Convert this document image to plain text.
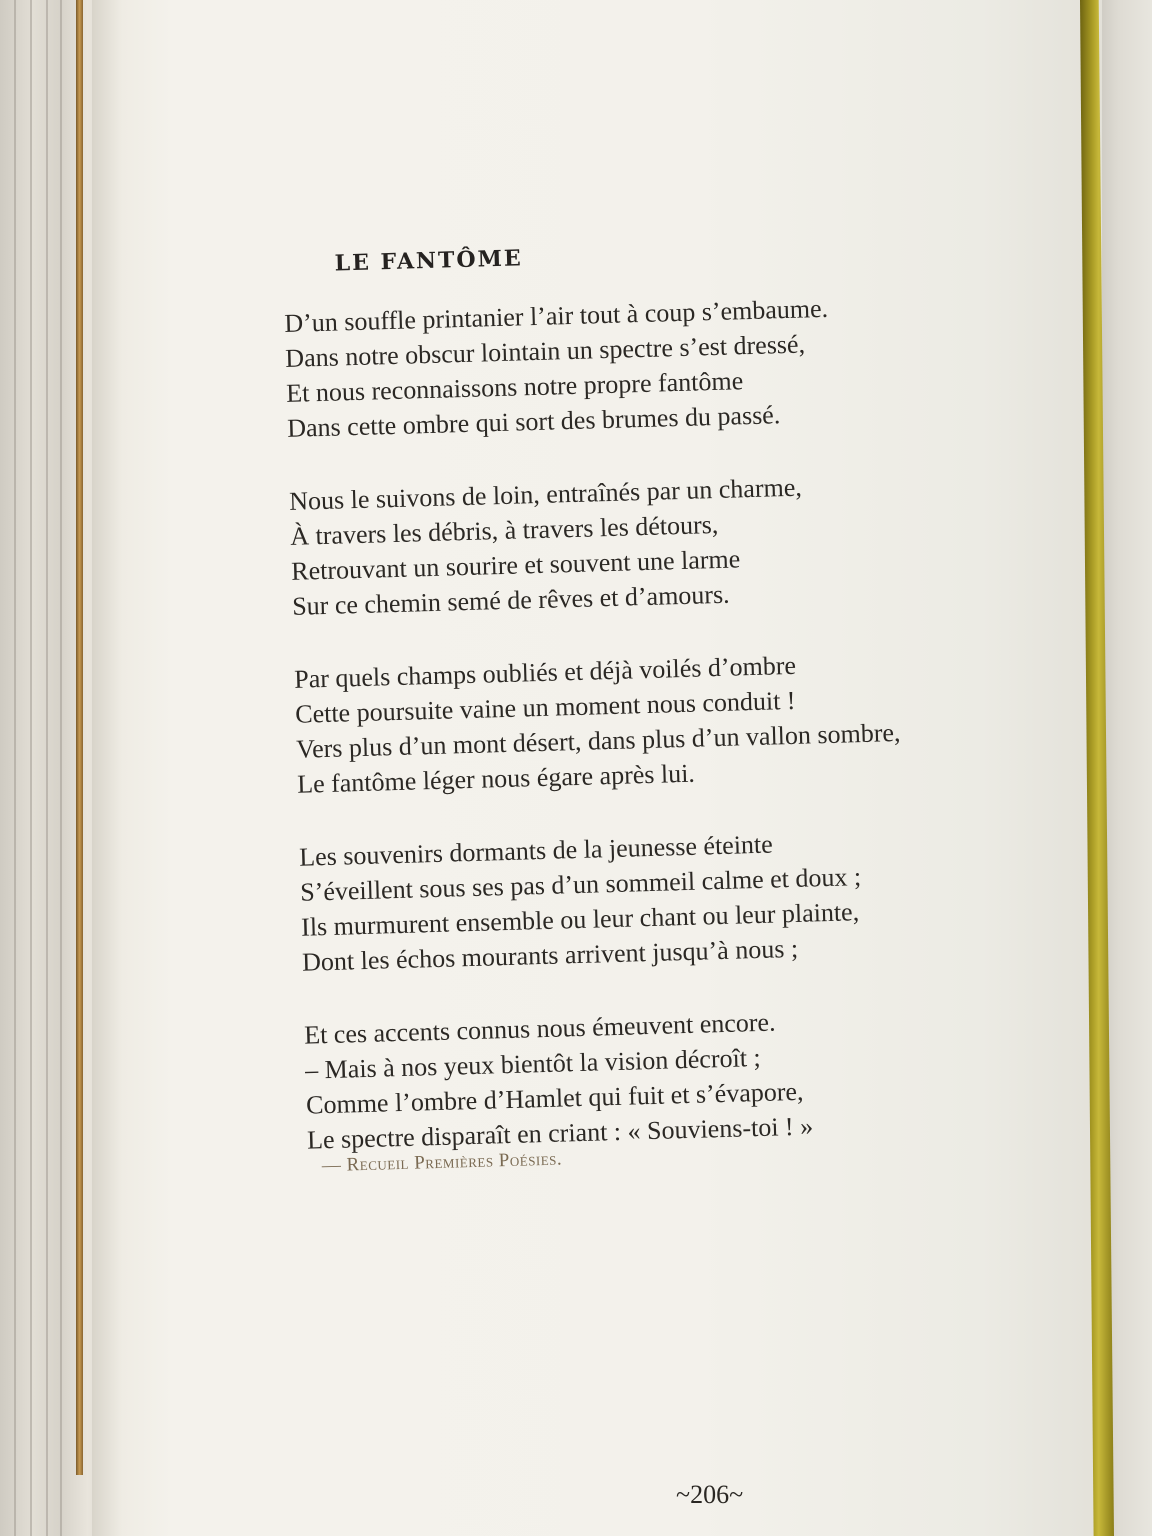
LE FANTÔME
D’un souffle printanier l’air tout à coup s’embaume.
Dans notre obscur lointain un spectre s’est dressé,
Et nous reconnaissons notre propre fantôme
Dans cette ombre qui sort des brumes du passé.
Nous le suivons de loin, entraînés par un charme,
À travers les débris, à travers les détours,
Retrouvant un sourire et souvent une larme
Sur ce chemin semé de rêves et d’amours.
Par quels champs oubliés et déjà voilés d’ombre
Cette poursuite vaine un moment nous conduit !
Vers plus d’un mont désert, dans plus d’un vallon sombre,
Le fantôme léger nous égare après lui.
Les souvenirs dormants de la jeunesse éteinte
S’éveillent sous ses pas d’un sommeil calme et doux ;
Ils murmurent ensemble ou leur chant ou leur plainte,
Dont les échos mourants arrivent jusqu’à nous ;
Et ces accents connus nous émeuvent encore.
– Mais à nos yeux bientôt la vision décroît ;
Comme l’ombre d’Hamlet qui fuit et s’évapore,
Le spectre disparaît en criant : « Souviens-toi ! »
— Recueil Premières Poésies.
~206~
